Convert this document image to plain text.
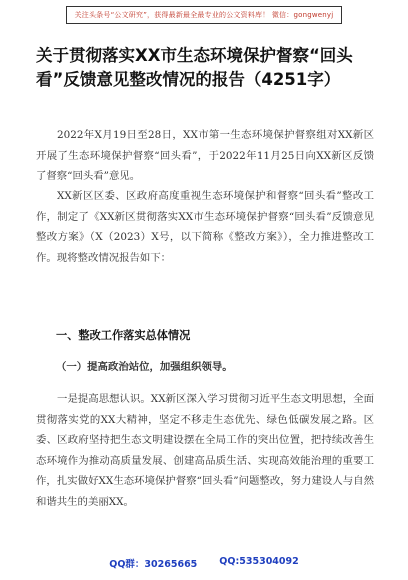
关注头条号“公文研究”，获得最新最全最专业的公文资料库！ 微信：gongwenyj
关于贯彻落实XX市生态环境保护督察“回头看”反馈意见整改情况的报告（4251字）

2022年X月19日至28日，XX市第一生态环境保护督察组对XX新区开展了生态环境保护督察“回头看”，于2022年11月25日向XX新区反馈了督察“回头看”意见。

XX新区区委、区政府高度重视生态环境保护和督察“回头看”整改工作，制定了《XX新区贯彻落实XX市生态环境保护督察“回头看”反馈意见整改方案》（X（2023）X号，以下简称《整改方案》），全力推进整改工作。现将整改情况报告如下：

一、整改工作落实总体情况
（一）提高政治站位，加强组织领导。

一是提高思想认识。XX新区深入学习贯彻习近平生态文明思想，全面贯彻落实党的XX大精神，坚定不移走生态优先、绿色低碳发展之路。区委、区政府坚持把生态文明建设摆在全局工作的突出位置，把持续改善生态环境作为推动高质量发展、创建高品质生活、实现高效能治理的重要工作，扎实做好XX生态环境保护督察“回头看”问题整改，努力建设人与自然和谐共生的美丽XX。

QQ群：30265665 QQ:535304092
